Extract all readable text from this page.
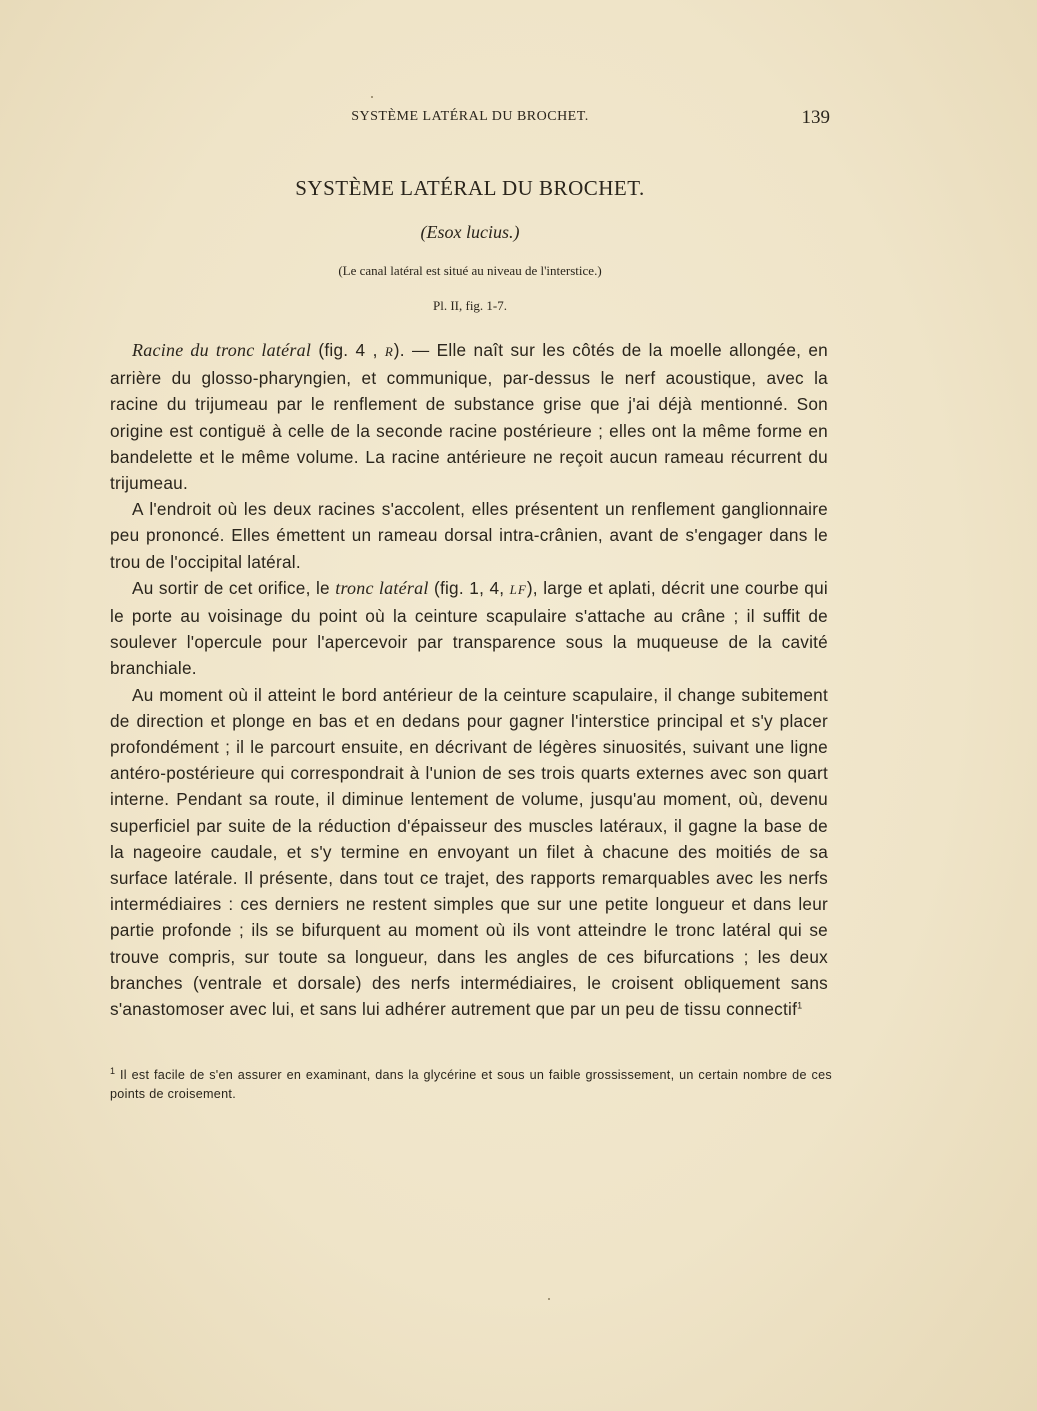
SYSTÈME LATÉRAL DU BROCHET.	139
SYSTÈME LATÉRAL DU BROCHET.
(Esox lucius.)
(Le canal latéral est situé au niveau de l'interstice.)
Pl. II, fig. 1-7.

Racine du tronc latéral (fig. 4 , R). — Elle naît sur les côtés de la moelle allongée, en arrière du glosso-pharyngien, et communique, par-dessus le nerf acoustique, avec la racine du trijumeau par le renflement de substance grise que j'ai déjà mentionné. Son origine est contiguë à celle de la seconde racine postérieure ; elles ont la même forme en bandelette et le même volume. La racine antérieure ne reçoit aucun rameau récurrent du trijumeau.

A l'endroit où les deux racines s'accolent, elles présentent un renflement ganglionnaire peu prononcé. Elles émettent un rameau dorsal intra-crânien, avant de s'engager dans le trou de l'occipital latéral.

Au sortir de cet orifice, le tronc latéral (fig. 1, 4, LF), large et aplati, décrit une courbe qui le porte au voisinage du point où la ceinture scapulaire s'attache au crâne ; il suffit de soulever l'opercule pour l'apercevoir par transparence sous la muqueuse de la cavité branchiale.

Au moment où il atteint le bord antérieur de la ceinture scapulaire, il change subitement de direction et plonge en bas et en dedans pour gagner l'interstice principal et s'y placer profondément ; il le parcourt ensuite, en décrivant de légères sinuosités, suivant une ligne antéro-postérieure qui correspondrait à l'union de ses trois quarts externes avec son quart interne. Pendant sa route, il diminue lentement de volume, jusqu'au moment, où, devenu superficiel par suite de la réduction d'épaisseur des muscles latéraux, il gagne la base de la nageoire caudale, et s'y termine en envoyant un filet à chacune des moitiés de sa surface latérale. Il présente, dans tout ce trajet, des rapports remarquables avec les nerfs intermédiaires : ces derniers ne restent simples que sur une petite longueur et dans leur partie profonde ; ils se bifurquent au moment où ils vont atteindre le tronc latéral qui se trouve compris, sur toute sa longueur, dans les angles de ces bifurcations ; les deux branches (ventrale et dorsale) des nerfs intermédiaires, le croisent obliquement sans s'anastomoser avec lui, et sans lui adhérer autrement que par un peu de tissu connectif$^1$

$^1$ Il est facile de s'en assurer en examinant, dans la glycérine et sous un faible grossissement, un certain nombre de ces points de croisement.
